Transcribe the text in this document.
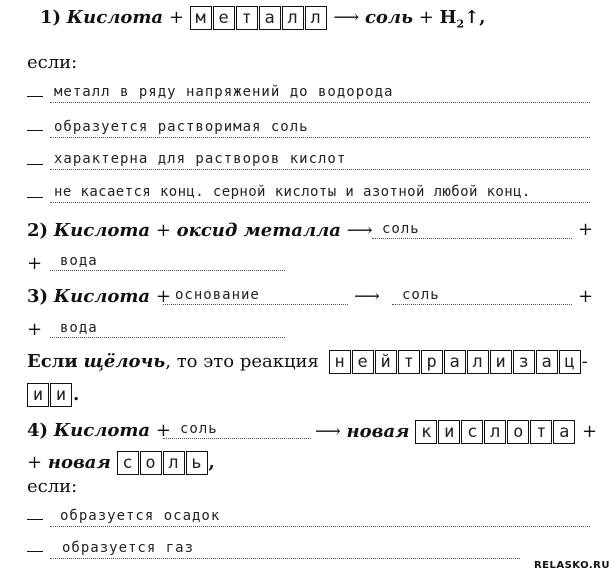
1) Кислота + м е т а л л ⟶ соль + $H_2↑$,
если:
металл в ряду напряжений до водорода
образуется растворимая соль
характерна для растворов кислот
не касается конц. серной кислоты и азотной любой конц.
2) Кислота + оксид металла ⟶ соль	+
+ вода
3) Кислота + основание	⟶ соль	+
+ вода
Если щёлочь, то это реакция н е й т р а л и з а ц -
и и .
4) Кислота + соль	⟶ новая к и с л о т а +
+ новая с о л ь ,
если:
образуется осадок
образуется газ
RELASKO.RU
